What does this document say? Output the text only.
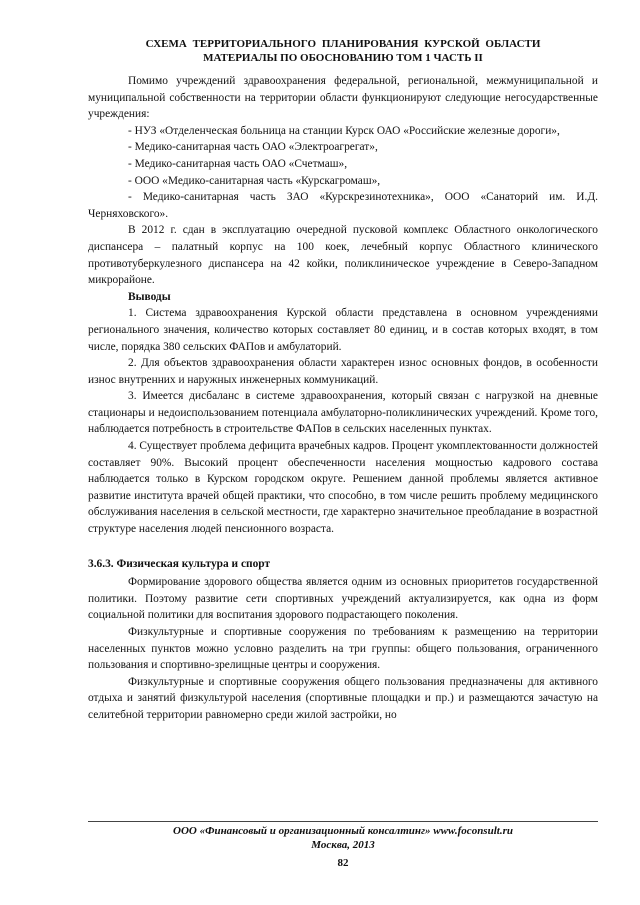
СХЕМА ТЕРРИТОРИАЛЬНОГО ПЛАНИРОВАНИЯ КУРСКОЙ ОБЛАСТИ
МАТЕРИАЛЫ ПО ОБОСНОВАНИЮ ТОМ 1 ЧАСТЬ II

Помимо учреждений здравоохранения федеральной, региональной, межмуниципальной и муниципальной собственности на территории области функционируют следующие негосударственные учреждения:

- НУЗ «Отделенческая больница на станции Курск ОАО «Российские железные дороги»,

- Медико-санитарная часть ОАО «Электроагрегат»,

- Медико-санитарная часть ОАО «Счетмаш»,

- ООО «Медико-санитарная часть «Курскагромаш»,

- Медико-санитарная часть ЗАО «Курскрезинотехника», ООО «Санаторий им. И.Д. Черняховского».

В 2012 г. сдан в эксплуатацию очередной пусковой комплекс Областного онкологического диспансера – палатный корпус на 100 коек, лечебный корпус Областного клинического противотуберкулезного диспансера на 42 койки, поликлиническое учреждение в Северо-Западном микрорайоне.

Выводы

1. Система здравоохранения Курской области представлена в основном учреждениями регионального значения, количество которых составляет 80 единиц, и в состав которых входят, в том числе, порядка 380 сельских ФАПов и амбулаторий.

2. Для объектов здравоохранения области характерен износ основных фондов, в особенности износ внутренних и наружных инженерных коммуникаций.

3. Имеется дисбаланс в системе здравоохранения, который связан с нагрузкой на дневные стационары и недоиспользованием потенциала амбулаторно-поликлинических учреждений. Кроме того, наблюдается потребность в строительстве ФАПов в сельских населенных пунктах.

4. Существует проблема дефицита врачебных кадров. Процент укомплектованности должностей составляет 90%. Высокий процент обеспеченности населения мощностью кадрового состава наблюдается только в Курском городском округе. Решением данной проблемы является активное развитие института врачей общей практики, что способно, в том числе решить проблему медицинского обслуживания населения в сельской местности, где характерно значительное преобладание в возрастной структуре населения людей пенсионного возраста.

3.6.3. Физическая культура и спорт

Формирование здорового общества является одним из основных приоритетов государственной политики. Поэтому развитие сети спортивных учреждений актуализируется, как одна из форм социальной политики для воспитания здорового подрастающего поколения.

Физкультурные и спортивные сооружения по требованиям к размещению на территории населенных пунктов можно условно разделить на три группы: общего пользования, ограниченного пользования и спортивно-зрелищные центры и сооружения.

Физкультурные и спортивные сооружения общего пользования предназначены для активного отдыха и занятий физкультурой населения (спортивные площадки и пр.) и размещаются зачастую на селитебной территории равномерно среди жилой застройки, но

ООО «Финансовый и организационный консалтинг» www.foconsult.ru
Москва, 2013
82
